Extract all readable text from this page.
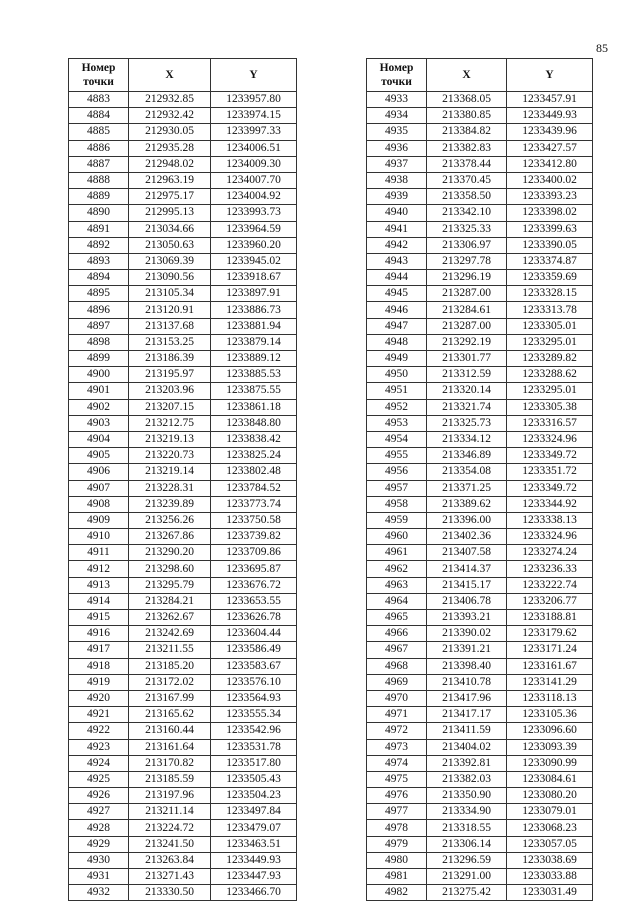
85
Номер
точки	X	Y
4883	212932.85	1233957.80
4884	212932.42	1233974.15
4885	212930.05	1233997.33
4886	212935.28	1234006.51
4887	212948.02	1234009.30
4888	212963.19	1234007.70
4889	212975.17	1234004.92
4890	212995.13	1233993.73
4891	213034.66	1233964.59
4892	213050.63	1233960.20
4893	213069.39	1233945.02
4894	213090.56	1233918.67
4895	213105.34	1233897.91
4896	213120.91	1233886.73
4897	213137.68	1233881.94
4898	213153.25	1233879.14
4899	213186.39	1233889.12
4900	213195.97	1233885.53
4901	213203.96	1233875.55
4902	213207.15	1233861.18
4903	213212.75	1233848.80
4904	213219.13	1233838.42
4905	213220.73	1233825.24
4906	213219.14	1233802.48
4907	213228.31	1233784.52
4908	213239.89	1233773.74
4909	213256.26	1233750.58
4910	213267.86	1233739.82
4911	213290.20	1233709.86
4912	213298.60	1233695.87
4913	213295.79	1233676.72
4914	213284.21	1233653.55
4915	213262.67	1233626.78
4916	213242.69	1233604.44
4917	213211.55	1233586.49
4918	213185.20	1233583.67
4919	213172.02	1233576.10
4920	213167.99	1233564.93
4921	213165.62	1233555.34
4922	213160.44	1233542.96
4923	213161.64	1233531.78
4924	213170.82	1233517.80
4925	213185.59	1233505.43
4926	213197.96	1233504.23
4927	213211.14	1233497.84
4928	213224.72	1233479.07
4929	213241.50	1233463.51
4930	213263.84	1233449.93
4931	213271.43	1233447.93
4932	213330.50	1233466.70
Номер
точки	X	Y
4933	213368.05	1233457.91
4934	213380.85	1233449.93
4935	213384.82	1233439.96
4936	213382.83	1233427.57
4937	213378.44	1233412.80
4938	213370.45	1233400.02
4939	213358.50	1233393.23
4940	213342.10	1233398.02
4941	213325.33	1233399.63
4942	213306.97	1233390.05
4943	213297.78	1233374.87
4944	213296.19	1233359.69
4945	213287.00	1233328.15
4946	213284.61	1233313.78
4947	213287.00	1233305.01
4948	213292.19	1233295.01
4949	213301.77	1233289.82
4950	213312.59	1233288.62
4951	213320.14	1233295.01
4952	213321.74	1233305.38
4953	213325.73	1233316.57
4954	213334.12	1233324.96
4955	213346.89	1233349.72
4956	213354.08	1233351.72
4957	213371.25	1233349.72
4958	213389.62	1233344.92
4959	213396.00	1233338.13
4960	213402.36	1233324.96
4961	213407.58	1233274.24
4962	213414.37	1233236.33
4963	213415.17	1233222.74
4964	213406.78	1233206.77
4965	213393.21	1233188.81
4966	213390.02	1233179.62
4967	213391.21	1233171.24
4968	213398.40	1233161.67
4969	213410.78	1233141.29
4970	213417.96	1233118.13
4971	213417.17	1233105.36
4972	213411.59	1233096.60
4973	213404.02	1233093.39
4974	213392.81	1233090.99
4975	213382.03	1233084.61
4976	213350.90	1233080.20
4977	213334.90	1233079.01
4978	213318.55	1233068.23
4979	213306.14	1233057.05
4980	213296.59	1233038.69
4981	213291.00	1233033.88
4982	213275.42	1233031.49
